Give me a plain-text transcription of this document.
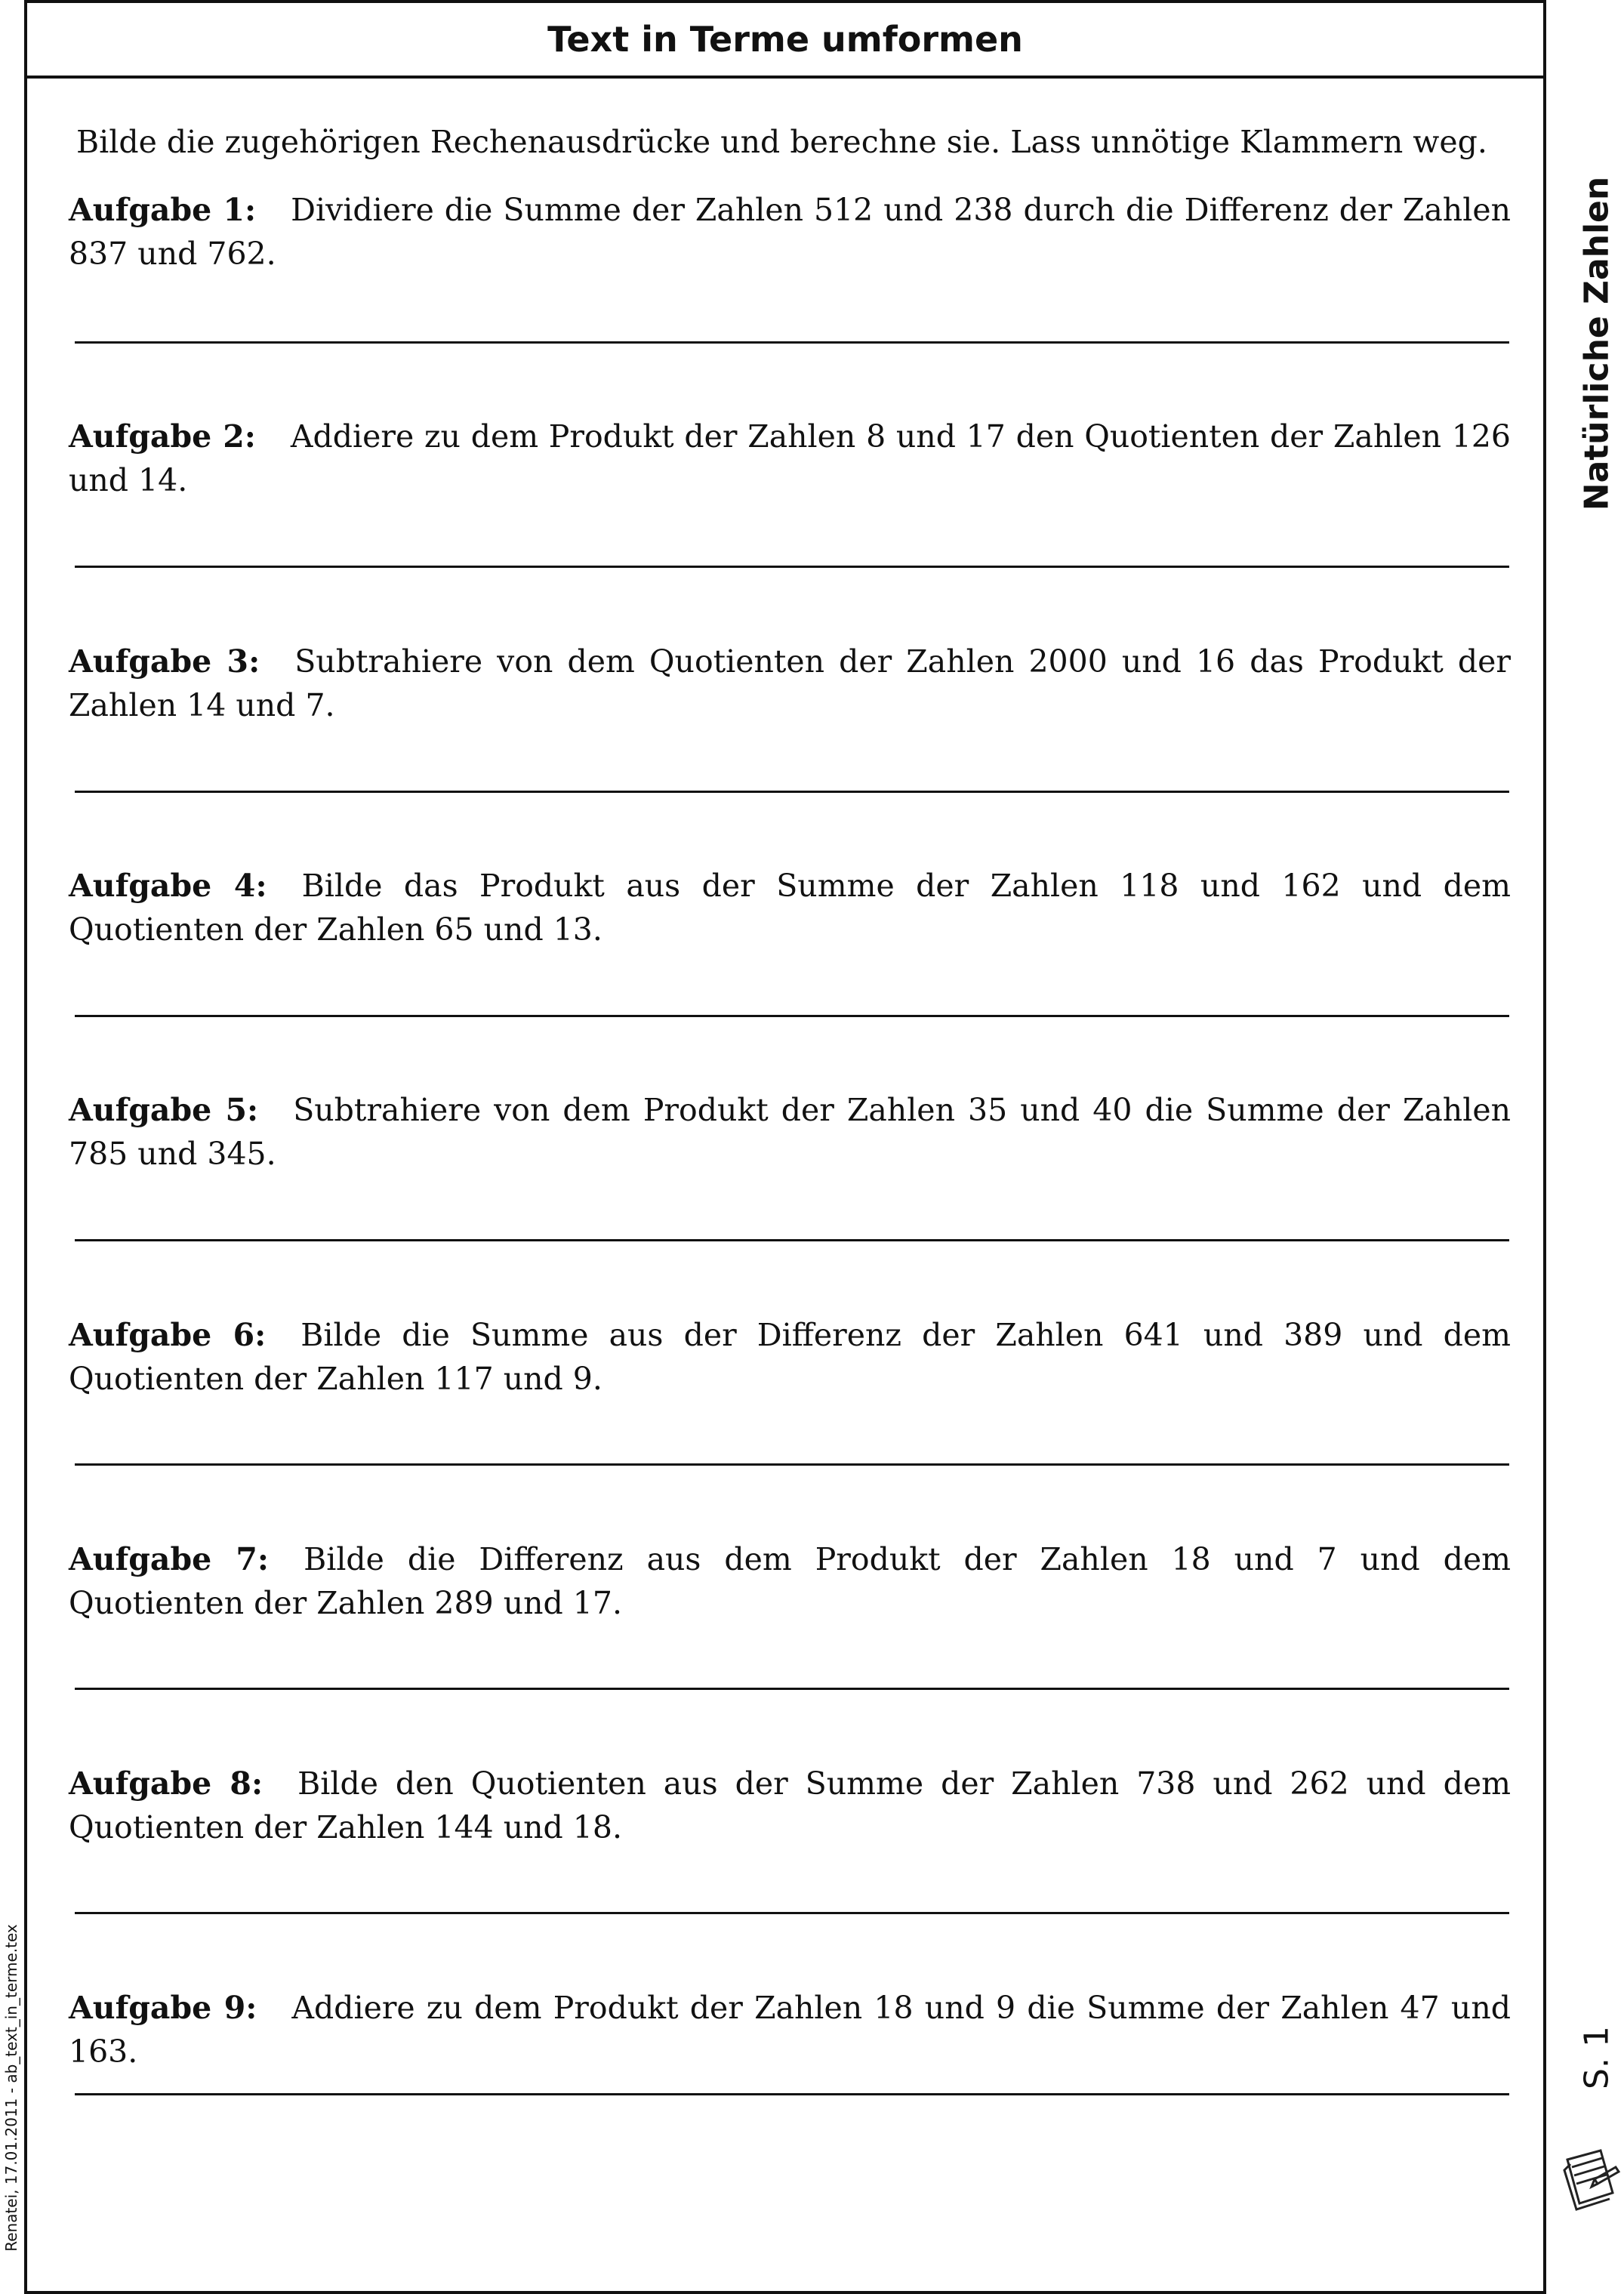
Text in Terme umformen
Bilde die zugehörigen Rechenausdrücke und berechne sie. Lass unnötige Klammern weg.

Aufgabe 1: Dividiere die Summe der Zahlen 512 und 238 durch die Differenz der Zahlen 837 und 762.

Aufgabe 2: Addiere zu dem Produkt der Zahlen 8 und 17 den Quotienten der Zahlen 126 und 14.

Aufgabe 3: Subtrahiere von dem Quotienten der Zahlen 2000 und 16 das Produkt der Zahlen 14 und 7.

Aufgabe 4: Bilde das Produkt aus der Summe der Zahlen 118 und 162 und dem Quotienten der Zahlen 65 und 13.

Aufgabe 5: Subtrahiere von dem Produkt der Zahlen 35 und 40 die Summe der Zahlen 785 und 345.

Aufgabe 6: Bilde die Summe aus der Differenz der Zahlen 641 und 389 und dem Quotienten der Zahlen 117 und 9.

Aufgabe 7: Bilde die Differenz aus dem Produkt der Zahlen 18 und 7 und dem Quotienten der Zahlen 289 und 17.

Aufgabe 8: Bilde den Quotienten aus der Summe der Zahlen 738 und 262 und dem Quotienten der Zahlen 144 und 18.

Aufgabe 9: Addiere zu dem Produkt der Zahlen 18 und 9 die Summe der Zahlen 47 und 163.

Natürliche Zahlen
S. 1
Renatei, 17.01.2011 - ab_text_in_terme.tex
